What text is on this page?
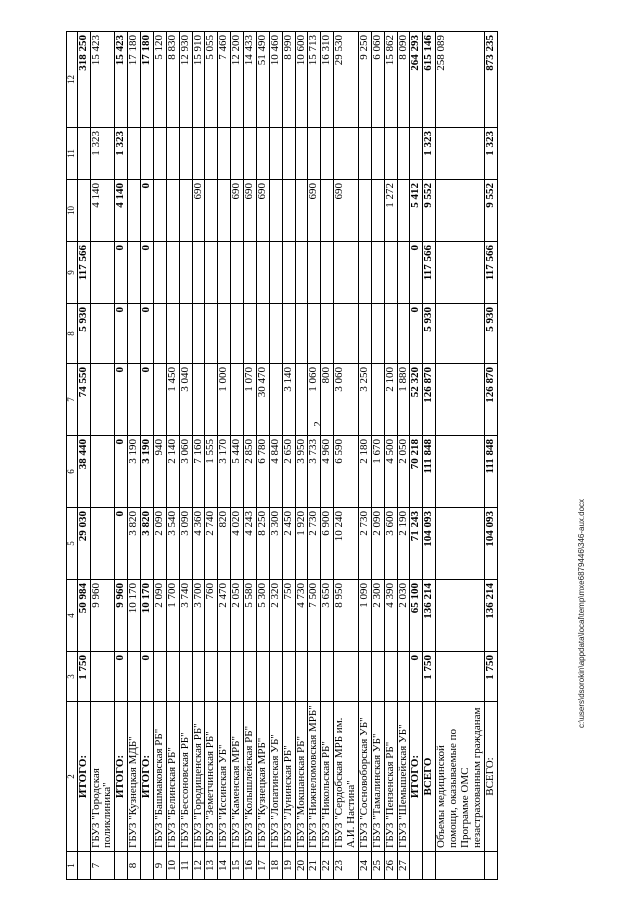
2
1	2	3	4	5	6	7	8	9	10	11	12
	ИТОГО:	1 750	50 984	29 030	38 440	74 550	5 930	117 566			318 250
7	ГБУЗ "Городская поликлиника"		9 960						4 140	1 323	15 423
	ИТОГО:	0	9 960	0	0	0	0	0	4 140	1 323	15 423
8	ГБУЗ "Кузнецкая МДБ"		10 170	3 820	3 190						17 180
	ИТОГО:	0	10 170	3 820	3 190	0	0	0	0		17 180
9	ГБУЗ "Башмаковская РБ"		2 090	2 090	940						5 120
10	ГБУЗ "Белинская РБ"		1 700	3 540	2 140	1 450					8 830
11	ГБУЗ "Бессоновская РБ"		3 740	3 090	3 060	3 040					12 930
12	ГБУЗ "Городищенская РБ"		3 700	4 360	7 160				690		15 910
13	ГБУЗ "Земетчинская РБ"		760	2 740	1 555						5 055
14	ГБУЗ "Иссинская УБ"		2 470	820	3 170	1 000					7 460
15	ГБУЗ "Каменская МРБ"		2 050	4 020	5 440				690		12 200
16	ГБУЗ "Колышлейская РБ"		5 580	4 243	2 850	1 070			690		14 433
17	ГБУЗ "Кузнецкая МРБ"		5 300	8 250	6 780	30 470			690		51 490
18	ГБУЗ "Лопатинская УБ"		2 320	3 300	4 840						10 460
19	ГБУЗ "Лунинская РБ"		750	2 450	2 650	3 140					8 990
20	ГБУЗ "Мокшанская РБ"		4 730	1 920	3 950						10 600
21	ГБУЗ "Нижнеломовская МРБ"		7 500	2 730	3 733	1 060			690		15 713
22	ГБУЗ "Никольская РБ"		3 650	6 900	4 960	800					16 310
23	ГБУЗ "Сердобская МРБ им. А.И. Настина"		8 950	10 240	6 590	3 060			690		29 530
24	ГБУЗ "Сосновоборская УБ"		1 090	2 730	2 180	3 250					9 250
25	ГБУЗ "Тамалинская УБ"		2 300	2 090	1 670						6 060
26	ГБУЗ "Пензенская РБ"		4 390	3 600	4 500	2 100			1 272		15 862
27	ГБУЗ "Шемышейская УБ"		2 030	2 190	2 050	1 880					8 090
	ИТОГО:	0	65 100	71 243	70 218	52 320	0	0	5 412		264 293
	ВСЕГО	1 750	136 214	104 093	111 848	126 870	5 930	117 566	9 552	1 323	615 146
	Объемы медицинской помощи, оказываемые по Программе ОМС незастрахованным гражданам										258 089
	ВСЕГО:	1 750	136 214	104 093	111 848	126 870	5 930	117 566	9 552	1 323	873 235
c:\users\dsorokin\appdata\local\temp\mxe6879446\346-aux.docx
